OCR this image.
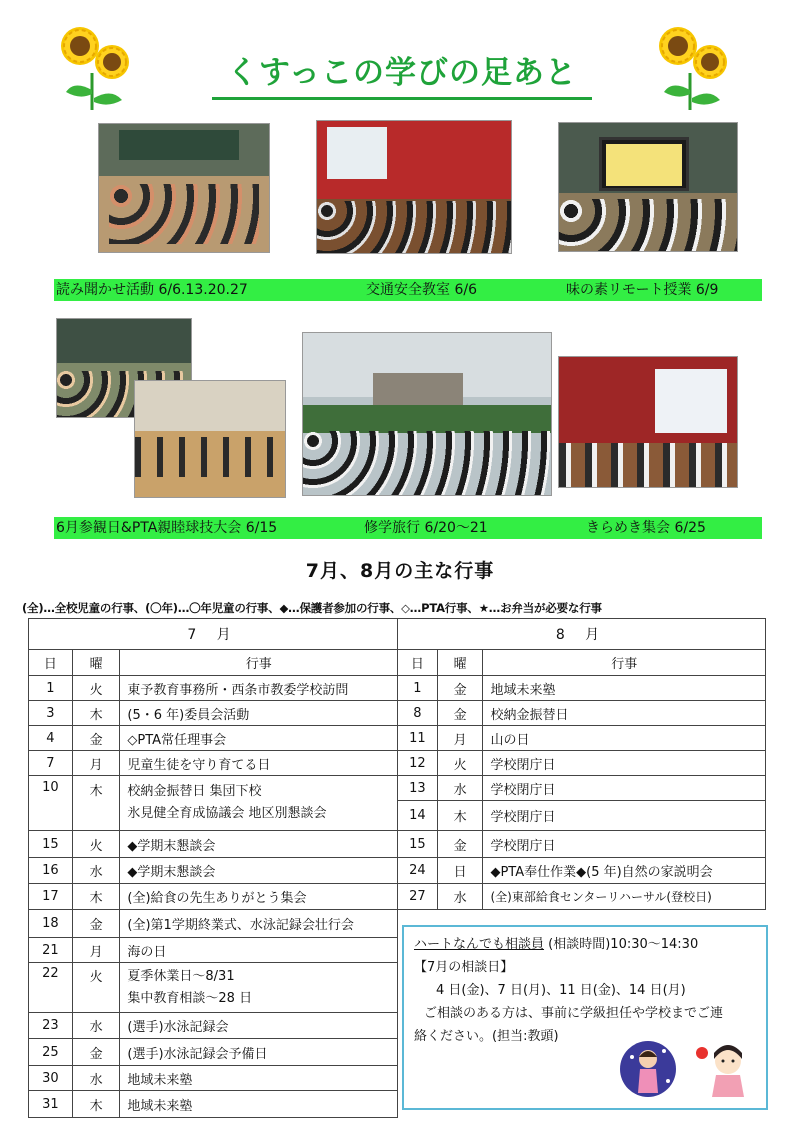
くすっこの学びの足あと
読み聞かせ活動 6/6.13.20.27	交通安全教室 6/6	味の素リモート授業 6/9
6月参観日&PTA親睦球技大会 6/15	修学旅行 6/20～21	きらめき集会 6/25
7月、8月の主な行事
(全)…全校児童の行事、(〇年)…〇年児童の行事、◆…保護者参加の行事、◇…PTA行事、★…お弁当が必要な行事
7 月		
日	曜	行事
1	火	東予教育事務所・西条市教委学校訪問
3	木	(5・6 年)委員会活動
4	金	◇PTA常任理事会
7	月	児童生徒を守り育てる日
10	木	校納金振替日 集団下校
氷見健全育成協議会 地区別懇談会

15	火	◆学期末懇談会
16	水	◆学期末懇談会
17	木	(全)給食の先生ありがとう集会
18	金	(全)第1学期終業式、水泳記録会壮行会
21	月	海の日
22	火	夏季休業日～8/31
集中教育相談～28 日

23	水	(選手)水泳記録会
25	金	(選手)水泳記録会予備日
30	水	地域未来塾
31	木	地域未来塾
8 月		
日	曜	行事
1	金	地域未来塾
8	金	校納金振替日
11	月	山の日
12	火	学校閉庁日
13	水	学校閉庁日
14	木	学校閉庁日
15	金	学校閉庁日
24	日	◆PTA奉仕作業◆(5 年)自然の家説明会
27	水	(全)東部給食センターリハーサル(登校日)
ハートなんでも相談員 (相談時間)10:30～14:30
【7月の相談日】
4 日(金)、7 日(月)、11 日(金)、14 日(月)
ご相談のある方は、事前に学級担任や学校までご連
絡ください。(担当:教頭)
